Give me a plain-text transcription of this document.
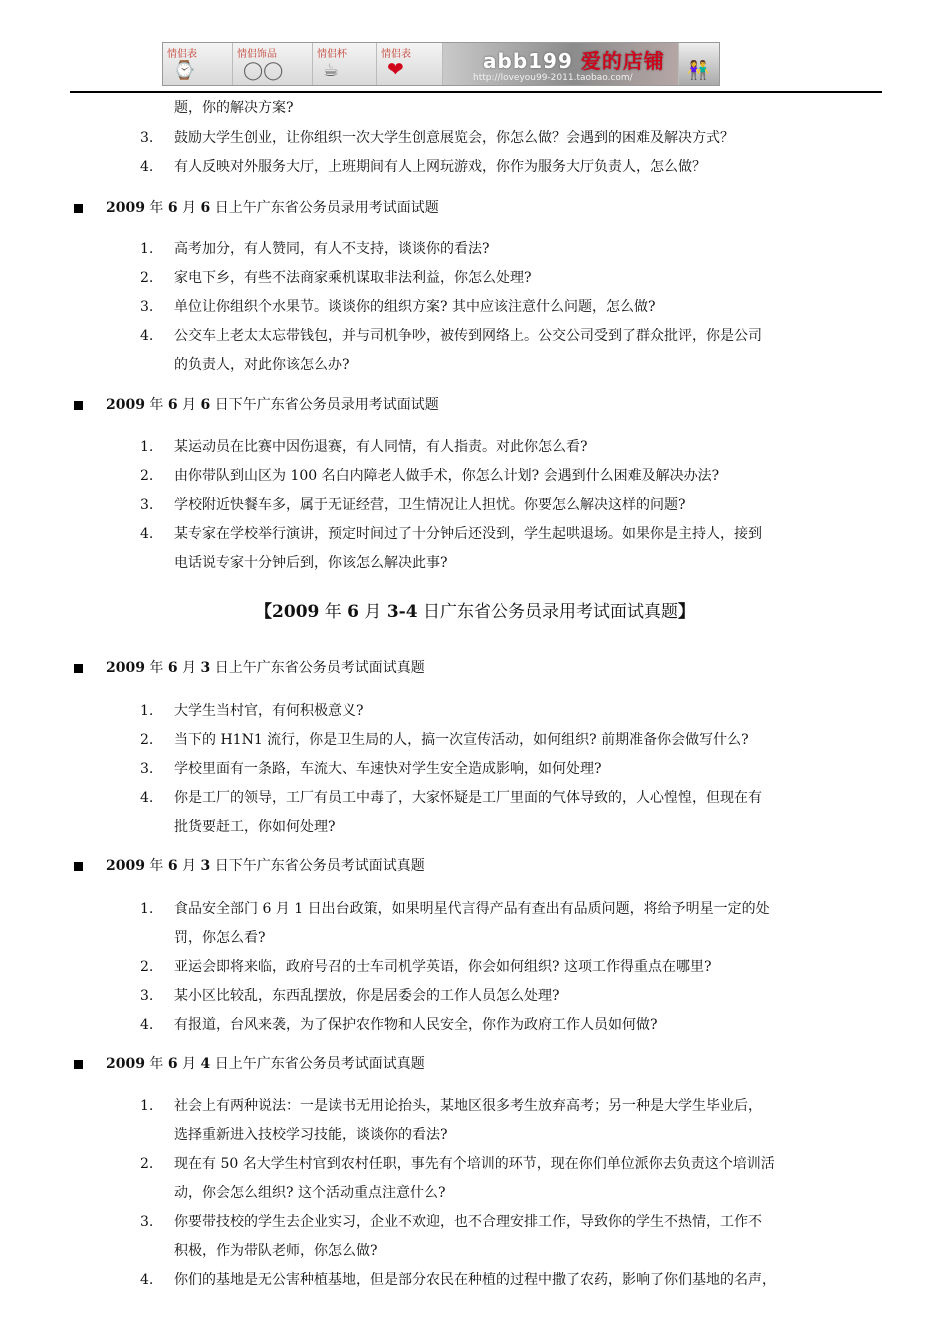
情侣表
⌚
情侣饰品
◯◯
情侣杯
☕
情侣表
❤	abb199 爱的店铺
http://loveyou99-2011.taobao.com/	👫
题，你的解决方案?
3. 鼓励大学生创业，让你组织一次大学生创意展览会，你怎么做？会遇到的困难及解决方式？
4. 有人反映对外服务大厅，上班期间有人上网玩游戏，你作为服务大厅负责人，怎么做？
2009 年 6 月 6 日上午广东省公务员录用考试面试题
1. 高考加分，有人赞同，有人不支持，谈谈你的看法?
2. 家电下乡，有些不法商家乘机谋取非法利益，你怎么处理?
3. 单位让你组织个水果节。谈谈你的组织方案? 其中应该注意什么问题，怎么做?
4. 公交车上老太太忘带钱包，并与司机争吵，被传到网络上。公交公司受到了群众批评，你是公司
的负责人，对此你该怎么办?
2009 年 6 月 6 日下午广东省公务员录用考试面试题
1. 某运动员在比赛中因伤退赛，有人同情，有人指责。对此你怎么看?
2. 由你带队到山区为 100 名白内障老人做手术，你怎么计划? 会遇到什么困难及解决办法?
3. 学校附近快餐车多，属于无证经营，卫生情况让人担忧。你要怎么解决这样的问题?
4. 某专家在学校举行演讲，预定时间过了十分钟后还没到，学生起哄退场。如果你是主持人，接到
电话说专家十分钟后到，你该怎么解决此事?
【2009 年 6 月 3-4 日广东省公务员录用考试面试真题】
2009 年 6 月 3 日上午广东省公务员考试面试真题
1. 大学生当村官，有何积极意义?
2. 当下的 H1N1 流行，你是卫生局的人，搞一次宣传活动，如何组织? 前期准备你会做写什么?
3. 学校里面有一条路，车流大、车速快对学生安全造成影响，如何处理?
4. 你是工厂的领导，工厂有员工中毒了，大家怀疑是工厂里面的气体导致的，人心惶惶，但现在有
批货要赶工，你如何处理?
2009 年 6 月 3 日下午广东省公务员考试面试真题
1. 食品安全部门 6 月 1 日出台政策，如果明星代言得产品有查出有品质问题，将给予明星一定的处
罚，你怎么看?
2. 亚运会即将来临，政府号召的士车司机学英语，你会如何组织? 这项工作得重点在哪里?
3. 某小区比较乱，东西乱摆放，你是居委会的工作人员怎么处理?
4. 有报道，台风来袭，为了保护农作物和人民安全，你作为政府工作人员如何做?
2009 年 6 月 4 日上午广东省公务员考试面试真题
1. 社会上有两种说法：一是读书无用论抬头，某地区很多考生放弃高考；另一种是大学生毕业后，
选择重新进入技校学习技能，谈谈你的看法?
2. 现在有 50 名大学生村官到农村任职，事先有个培训的环节，现在你们单位派你去负责这个培训活
动，你会怎么组织? 这个活动重点注意什么?
3. 你要带技校的学生去企业实习，企业不欢迎，也不合理安排工作，导致你的学生不热情，工作不
积极，作为带队老师，你怎么做?
4. 你们的基地是无公害种植基地，但是部分农民在种植的过程中撒了农药，影响了你们基地的名声，
